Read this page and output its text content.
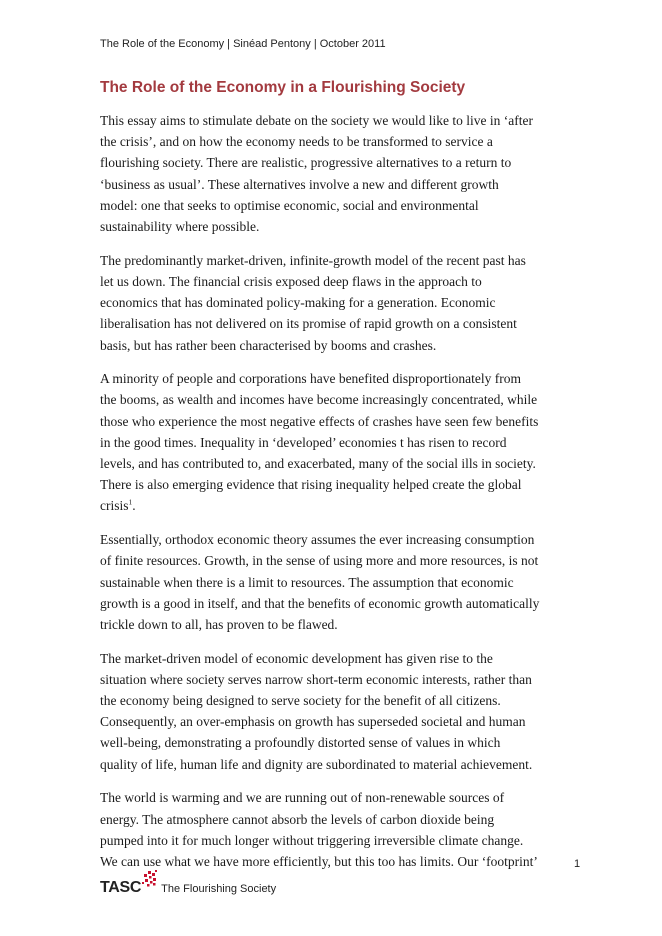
The Role of the Economy | Sinéad Pentony | October 2011
The Role of the Economy in a Flourishing Society

This essay aims to stimulate debate on the society we would like to live in ‘after
the crisis’, and on how the economy needs to be transformed to service a
flourishing society. There are realistic, progressive alternatives to a return to
‘business as usual’. These alternatives involve a new and different growth
model: one that seeks to optimise economic, social and environmental
sustainability where possible.

The predominantly market-driven, infinite-growth model of the recent past has
let us down. The financial crisis exposed deep flaws in the approach to
economics that has dominated policy-making for a generation. Economic
liberalisation has not delivered on its promise of rapid growth on a consistent
basis, but has rather been characterised by booms and crashes.

A minority of people and corporations have benefited disproportionately from
the booms, as wealth and incomes have become increasingly concentrated, while
those who experience the most negative effects of crashes have seen few benefits
in the good times. Inequality in ‘developed’ economies t has risen to record
levels, and has contributed to, and exacerbated, many of the social ills in society.
There is also emerging evidence that rising inequality helped create the global
crisis$^1$.

Essentially, orthodox economic theory assumes the ever increasing consumption
of finite resources. Growth, in the sense of using more and more resources, is not
sustainable when there is a limit to resources. The assumption that economic
growth is a good in itself, and that the benefits of economic growth automatically
trickle down to all, has proven to be flawed.

The market-driven model of economic development has given rise to the
situation where society serves narrow short-term economic interests, rather than
the economy being designed to serve society for the benefit of all citizens.
Consequently, an over-emphasis on growth has superseded societal and human
well-being, demonstrating a profoundly distorted sense of values in which
quality of life, human life and dignity are subordinated to material achievement.

The world is warming and we are running out of non-renewable sources of
energy. The atmosphere cannot absorb the levels of carbon dioxide being
pumped into it for much longer without triggering irreversible climate change.
We can use what we have more efficiently, but this too has limits. Our ‘footprint’	1
TASC The Flourishing Society
